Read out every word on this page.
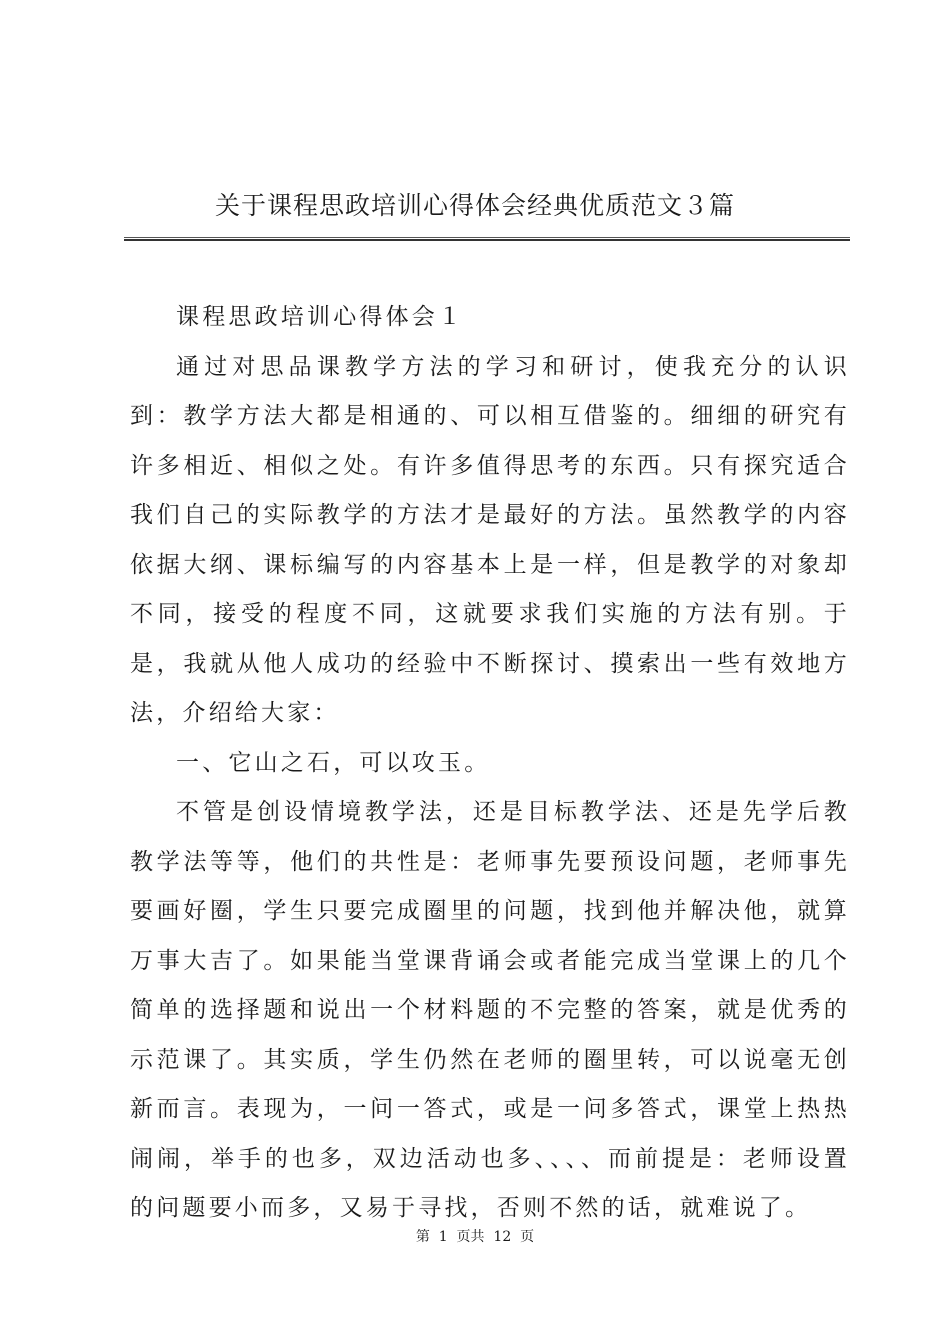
关于课程思政培训心得体会经典优质范文３篇

课程思政培训心得体会１

通过对思品课教学方法的学习和研讨，使我充分的认识到：教学方法大都是相通的、可以相互借鉴的。细细的研究有许多相近、相似之处。有许多值得思考的东西。只有探究适合我们自己的实际教学的方法才是最好的方法。虽然教学的内容依据大纲、课标编写的内容基本上是一样，但是教学的对象却不同，接受的程度不同，这就要求我们实施的方法有别。于是，我就从他人成功的经验中不断探讨、摸索出一些有效地方法，介绍给大家：

一、它山之石，可以攻玉。

不管是创设情境教学法，还是目标教学法、还是先学后教教学法等等，他们的共性是：老师事先要预设问题，老师事先要画好圈，学生只要完成圈里的问题，找到他并解决他，就算万事大吉了。如果能当堂课背诵会或者能完成当堂课上的几个简单的选择题和说出一个材料题的不完整的答案，就是优秀的示范课了。其实质，学生仍然在老师的圈里转，可以说毫无创新而言。表现为，一问一答式，或是一问多答式，课堂上热热闹闹，举手的也多，双边活动也多、、、、而前提是：老师设置的问题要小而多，又易于寻找，否则不然的话，就难说了。

第  1  页共  12  页
